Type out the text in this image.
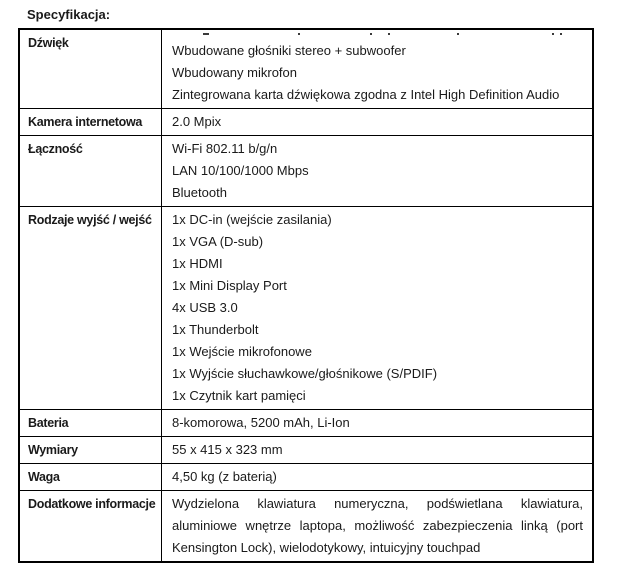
Specyfikacja:
Dźwięk	Wbudowane głośniki stereo + subwoofer
Wbudowany mikrofon
Zintegrowana karta dźwiękowa zgodna z Intel High Definition Audio
Kamera internetowa	2.0 Mpix
Łączność	Wi-Fi 802.11 b/g/n
LAN 10/100/1000 Mbps
Bluetooth
Rodzaje wyjść / wejść	1x DC-in (wejście zasilania)
1x VGA (D-sub)
1x HDMI
1x Mini Display Port
4x USB 3.0
1x Thunderbolt
1x Wejście mikrofonowe
1x Wyjście słuchawkowe/głośnikowe (S/PDIF)
1x Czytnik kart pamięci
Bateria	8-komorowa, 5200 mAh, Li-Ion
Wymiary	55 x 415 x 323 mm
Waga	4,50 kg (z baterią)
Dodatkowe informacje	Wydzielona klawiatura numeryczna, podświetlana klawiatura, aluminiowe wnętrze laptopa, możliwość zabezpieczenia linką (port Kensington Lock), wielodotykowy, intuicyjny touchpad
